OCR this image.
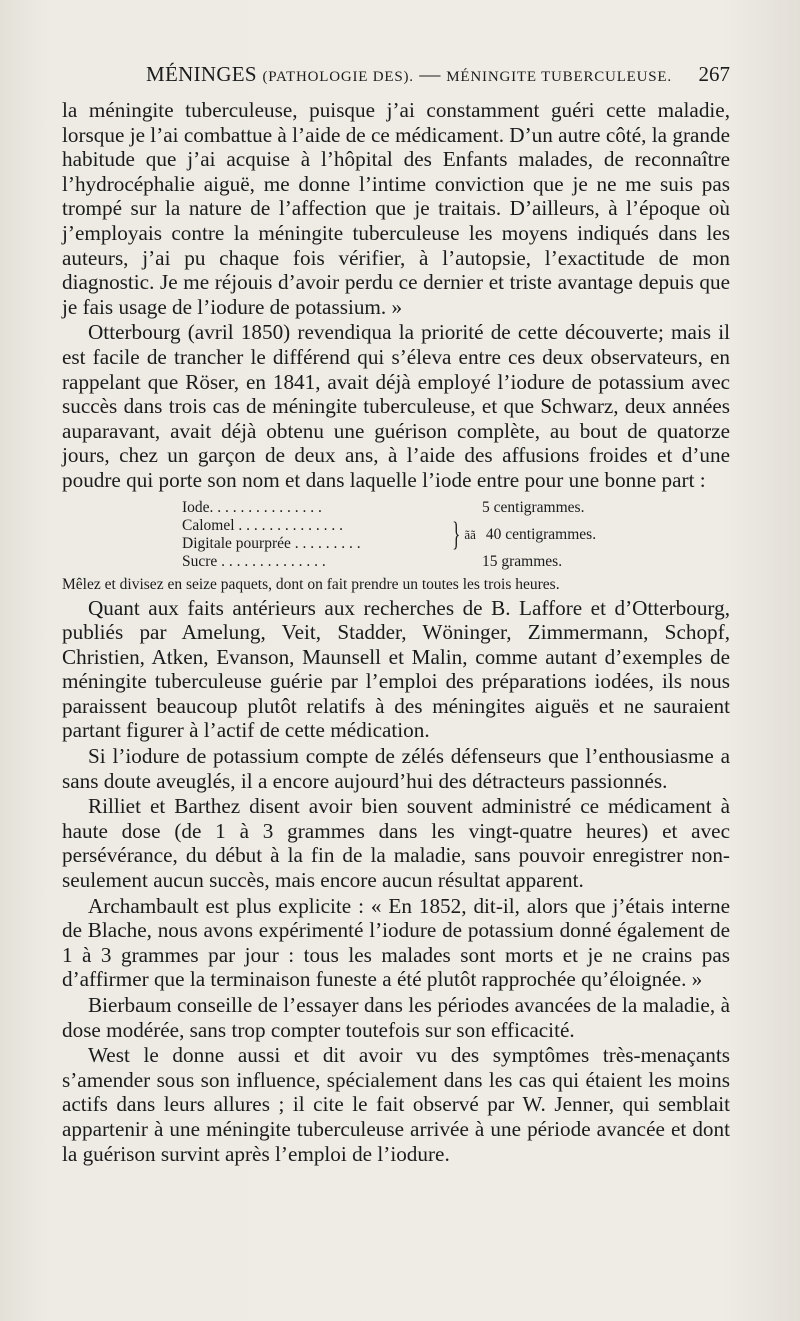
MÉNINGES (PATHOLOGIE DES). — MÉNINGITE TUBERCULEUSE. 267

la méningite tuberculeuse, puisque j’ai constamment guéri cette maladie, lorsque je l’ai combattue à l’aide de ce médicament. D’un autre côté, la grande habitude que j’ai acquise à l’hôpital des Enfants malades, de reconnaître l’hydrocéphalie aiguë, me donne l’intime conviction que je ne me suis pas trompé sur la nature de l’affection que je traitais. D’ailleurs, à l’époque où j’employais contre la méningite tuberculeuse les moyens indiqués dans les auteurs, j’ai pu chaque fois vérifier, à l’autopsie, l’exactitude de mon diagnostic. Je me réjouis d’avoir perdu ce dernier et triste avantage depuis que je fais usage de l’iodure de potassium. »

Otterbourg (avril 1850) revendiqua la priorité de cette découverte; mais il est facile de trancher le différend qui s’éleva entre ces deux observateurs, en rappelant que Röser, en 1841, avait déjà employé l’iodure de potassium avec succès dans trois cas de méningite tuberculeuse, et que Schwarz, deux années auparavant, avait déjà obtenu une guérison complète, au bout de quatorze jours, chez un garçon de deux ans, à l’aide des affusions froides et d’une poudre qui porte son nom et dans laquelle l’iode entre pour une bonne part :

Iode. . . . . . . . . . . . . . .	5 centigrammes.
Calomel . . . . . . . . . . . . . .
Digitale pourprée . . . . . . . . .	} ãã 40 centigrammes.
Sucre . . . . . . . . . . . . . .	15 grammes.

Mêlez et divisez en seize paquets, dont on fait prendre un toutes les trois heures.

Quant aux faits antérieurs aux recherches de B. Laffore et d’Otterbourg, publiés par Amelung, Veit, Stadder, Wöninger, Zimmermann, Schopf, Christien, Atken, Evanson, Maunsell et Malin, comme autant d’exemples de méningite tuberculeuse guérie par l’emploi des préparations iodées, ils nous paraissent beaucoup plutôt relatifs à des méningites aiguës et ne sauraient partant figurer à l’actif de cette médication.

Si l’iodure de potassium compte de zélés défenseurs que l’enthousiasme a sans doute aveuglés, il a encore aujourd’hui des détracteurs passionnés.

Rilliet et Barthez disent avoir bien souvent administré ce médicament à haute dose (de 1 à 3 grammes dans les vingt-quatre heures) et avec persévérance, du début à la fin de la maladie, sans pouvoir enregistrer non-seulement aucun succès, mais encore aucun résultat apparent.

Archambault est plus explicite : « En 1852, dit-il, alors que j’étais interne de Blache, nous avons expérimenté l’iodure de potassium donné également de 1 à 3 grammes par jour : tous les malades sont morts et je ne crains pas d’affirmer que la terminaison funeste a été plutôt rapprochée qu’éloignée. »

Bierbaum conseille de l’essayer dans les périodes avancées de la maladie, à dose modérée, sans trop compter toutefois sur son efficacité.

West le donne aussi et dit avoir vu des symptômes très-menaçants s’amender sous son influence, spécialement dans les cas qui étaient les moins actifs dans leurs allures ; il cite le fait observé par W. Jenner, qui semblait appartenir à une méningite tuberculeuse arrivée à une période avancée et dont la guérison survint après l’emploi de l’iodure.
